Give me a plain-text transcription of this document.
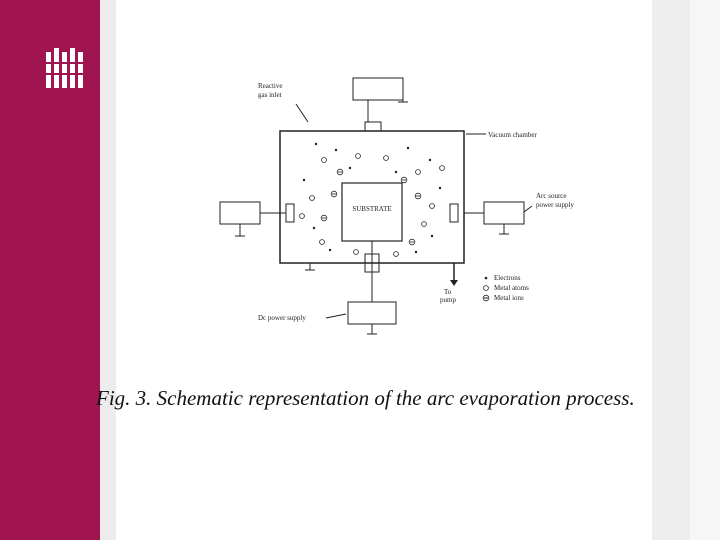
SUBSTRATE
Reactive
gas inlet
Vacuum chamber
Arc source
power supply
Dc power supply
To
pump
Electrons
Metal atoms
Metal ions
Fig. 3. Schematic representation of the arc evaporation process.
